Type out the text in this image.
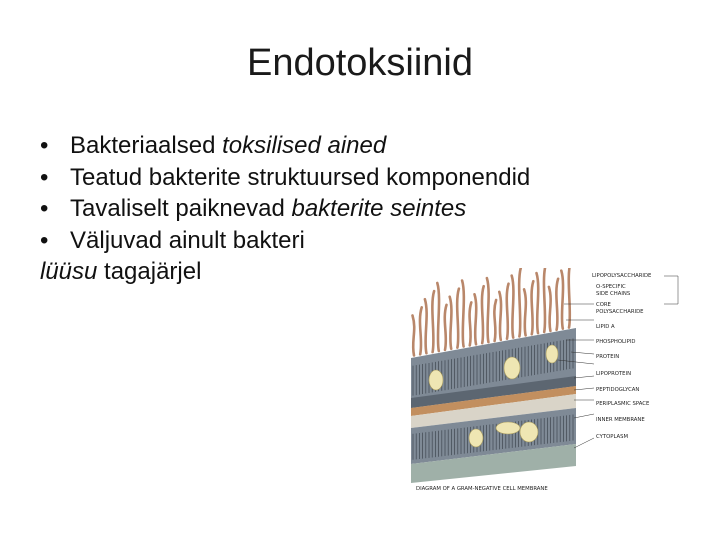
Endotoksiinid
• Bakteriaalsed toksilised ained
• Teatud bakterite struktuursed komponendid
• Tavaliselt paiknevad bakterite seintes
• Väljuvad ainult bakteri
lüüsu tagajärjel	LIPOPOLYSACCHARIDE
O-SPECIFIC
SIDE CHAINS
CORE
POLYSACCHARIDE
LIPID A
PHOSPHOLIPID
PROTEIN
LIPOPROTEIN
PEPTIDOGLYCAN
PERIPLASMIC SPACE
INNER MEMBRANE
CYTOPLASM
DIAGRAM OF A GRAM-NEGATIVE CELL MEMBRANE
